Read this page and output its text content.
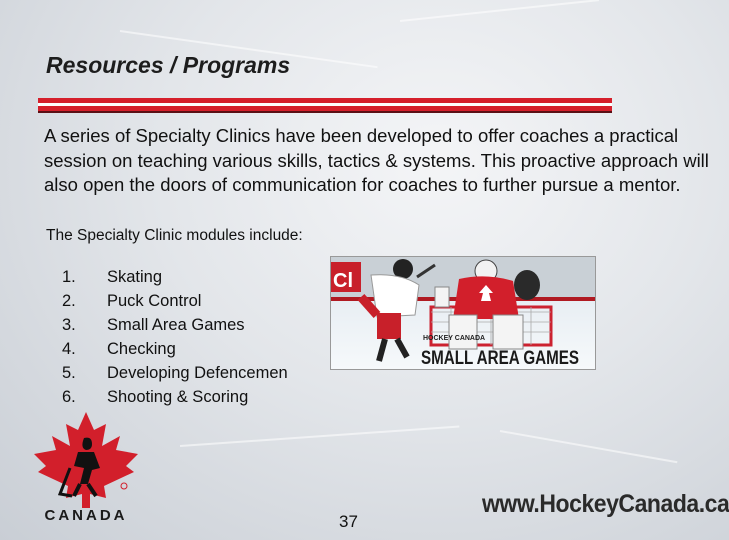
Resources / Programs

A series of Specialty Clinics have been developed to offer coaches a practical session on teaching various skills, tactics & systems. This proactive approach will also open the doors of communication for coaches to further pursue a mentor.

The Specialty Clinic modules include:

1. Skating
2. Puck Control
3. Small Area Games
4. Checking
5. Developing Defencemen
6. Shooting & Scoring
Cl
HOCKEY CANADA
SMALL AREA GAMES
CANADA	37
www.HockeyCanada.ca
